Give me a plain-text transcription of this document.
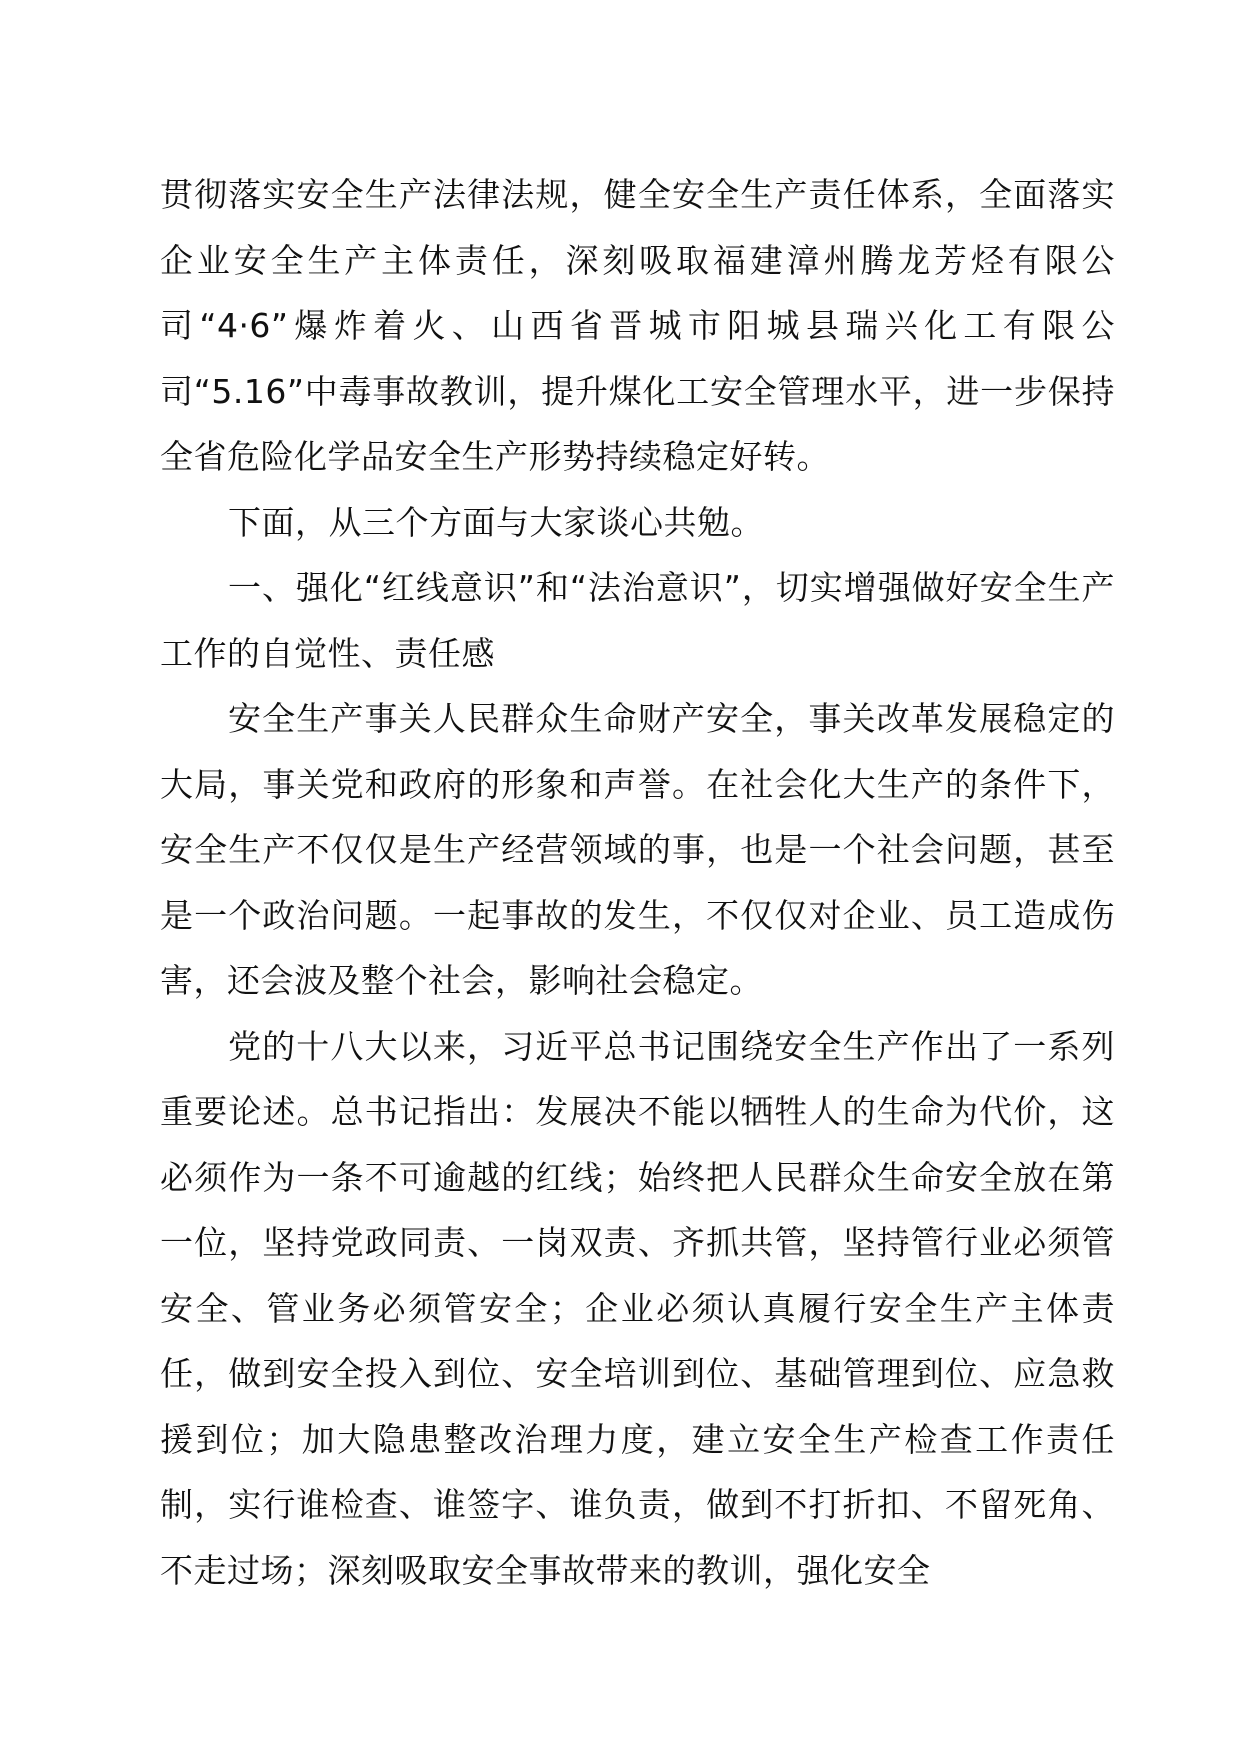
贯彻落实安全生产法律法规，健全安全生产责任体系，全面落实企业安全生产主体责任，深刻吸取福建漳州腾龙芳烃有限公司“4·6”爆炸着火、山西省晋城市阳城县瑞兴化工有限公司“5.16”中毒事故教训，提升煤化工安全管理水平，进一步保持全省危险化学品安全生产形势持续稳定好转。

下面，从三个方面与大家谈心共勉。

一、强化“红线意识”和“法治意识”，切实增强做好安全生产工作的自觉性、责任感

安全生产事关人民群众生命财产安全，事关改革发展稳定的大局，事关党和政府的形象和声誉。在社会化大生产的条件下，安全生产不仅仅是生产经营领域的事，也是一个社会问题，甚至是一个政治问题。一起事故的发生，不仅仅对企业、员工造成伤害，还会波及整个社会，影响社会稳定。

党的十八大以来，习近平总书记围绕安全生产作出了一系列重要论述。总书记指出：发展决不能以牺牲人的生命为代价，这必须作为一条不可逾越的红线；始终把人民群众生命安全放在第一位，坚持党政同责、一岗双责、齐抓共管，坚持管行业必须管安全、管业务必须管安全；企业必须认真履行安全生产主体责任，做到安全投入到位、安全培训到位、基础管理到位、应急救援到位；加大隐患整改治理力度，建立安全生产检查工作责任制，实行谁检查、谁签字、谁负责，做到不打折扣、不留死角、不走过场；深刻吸取安全事故带来的教训，强化安全
